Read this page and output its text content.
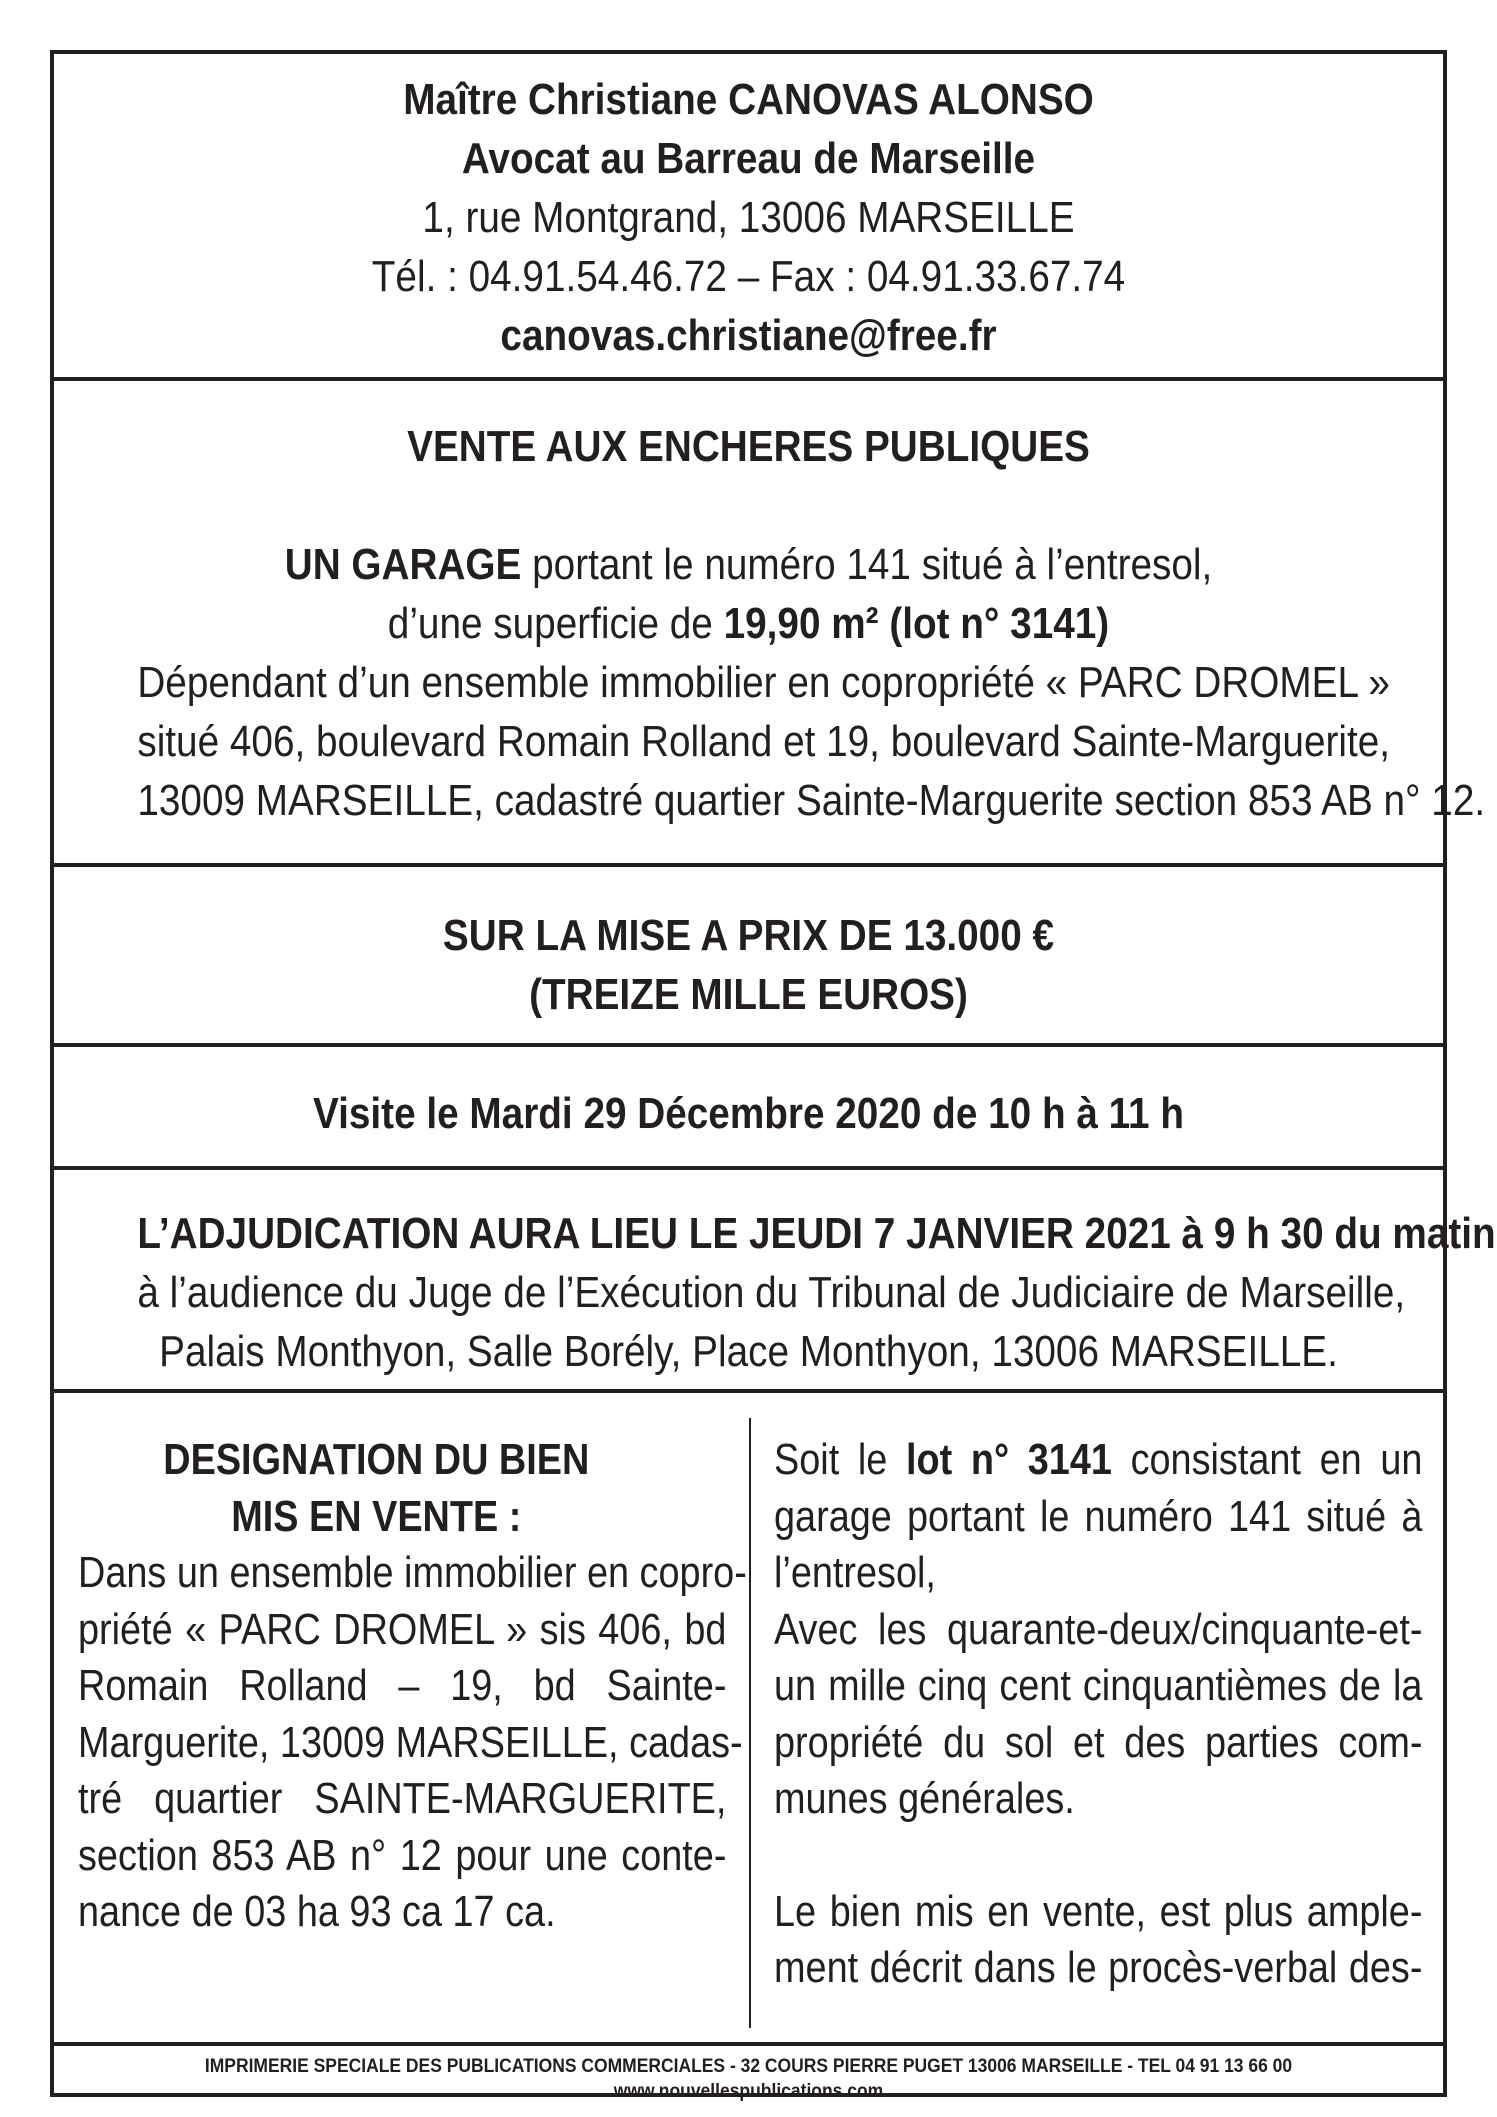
Maître Christiane CANOVAS ALONSO
Avocat au Barreau de Marseille
1, rue Montgrand, 13006 MARSEILLE
Tél. : 04.91.54.46.72 – Fax : 04.91.33.67.74
canovas.christiane@free.fr
VENTE AUX ENCHERES PUBLIQUES
UN GARAGE portant le numéro 141 situé à l’entresol,
d’une superficie de 19,90 m² (lot n° 3141)
Dépendant d’un ensemble immobilier en copropriété « PARC DROMEL »
situé 406, boulevard Romain Rolland et 19, boulevard Sainte-Marguerite,
13009 MARSEILLE, cadastré quartier Sainte-Marguerite section 853 AB n° 12.
SUR LA MISE A PRIX DE 13.000 €
(TREIZE MILLE EUROS)
Visite le Mardi 29 Décembre 2020 de 10 h à 11 h
L’ADJUDICATION AURA LIEU LE JEUDI 7 JANVIER 2021 à 9 h 30 du matin
à l’audience du Juge de l’Exécution du Tribunal de Judiciaire de Marseille,
Palais Monthyon, Salle Borély, Place Monthyon, 13006 MARSEILLE.
DESIGNATION DU BIEN
MIS EN VENTE :
Dans un ensemble immobilier en copro-
priété « PARC DROMEL » sis 406, bd
Romain Rolland – 19, bd Sainte-
Marguerite, 13009 MARSEILLE, cadas-
tré quartier SAINTE-MARGUERITE,
section 853 AB n° 12 pour une conte-
nance de 03 ha 93 ca 17 ca.
Soit le lot n° 3141 consistant en un
garage portant le numéro 141 situé à
l’entresol,
Avec les quarante-deux/cinquante-et-
un mille cinq cent cinquantièmes de la
propriété du sol et des parties com-
munes générales.
Le bien mis en vente, est plus ample-
ment décrit dans le procès-verbal des-
IMPRIMERIE SPECIALE DES PUBLICATIONS COMMERCIALES - 32 COURS PIERRE PUGET 13006 MARSEILLE - TEL 04 91 13 66 00
www.nouvellespublications.com
